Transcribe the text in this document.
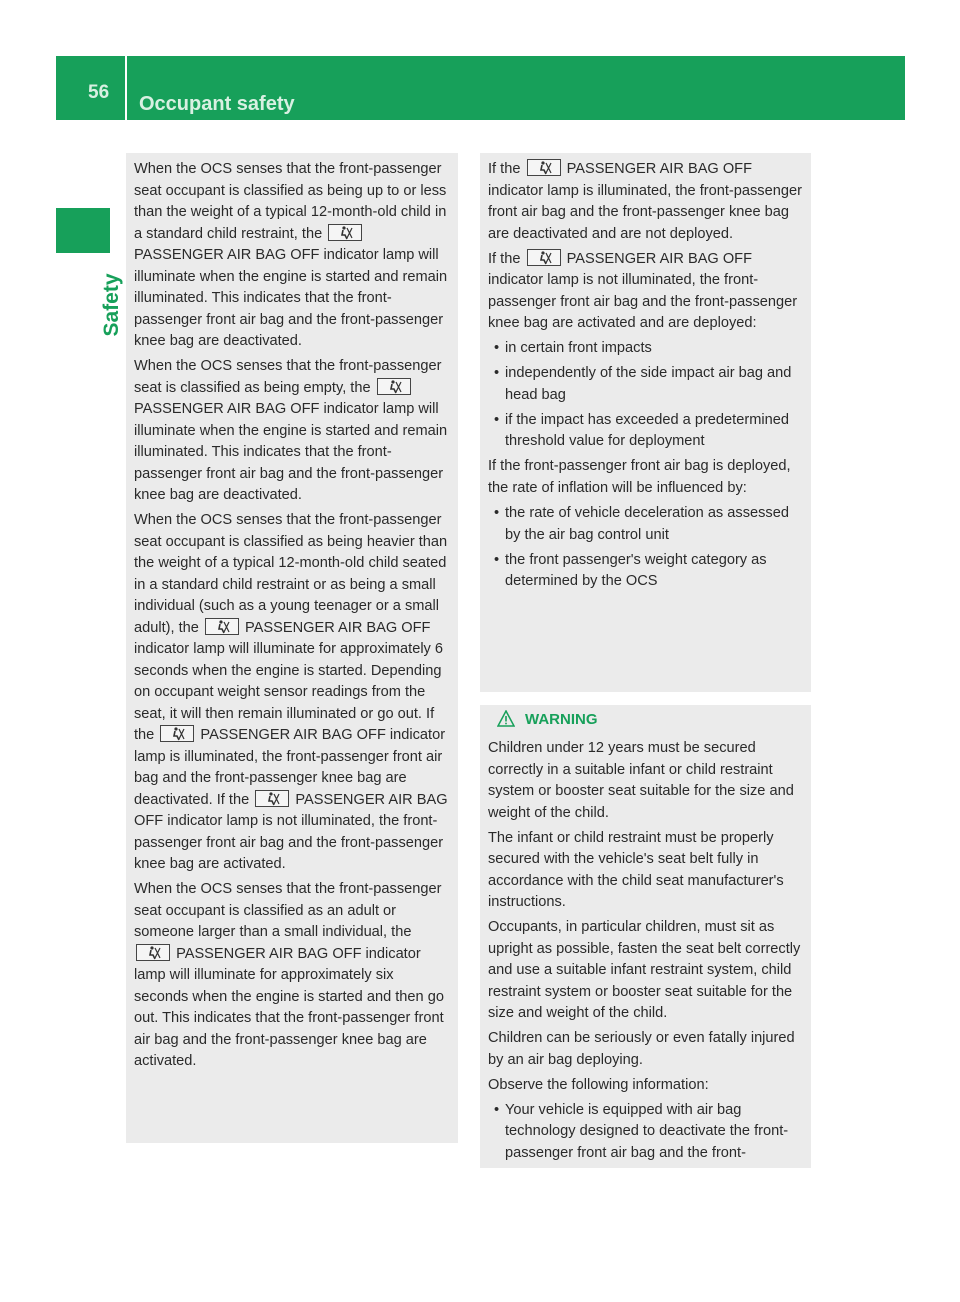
56
Occupant safety
Safety

When the OCS senses that the front-passenger seat occupant is classified as being up to or less than the weight of a typical 12-month-old child in a standard child restraint, the
PASSENGER AIR BAG OFF indicator lamp will illuminate when the engine is started and remain illuminated. This indicates that the front-passenger front air bag and the front-passenger knee bag are deactivated.

When the OCS senses that the front-passenger seat is classified as being empty, the
PASSENGER AIR BAG OFF indicator lamp will illuminate when the engine is started and remain illuminated. This indicates that the front-passenger front air bag and the front-passenger knee bag are deactivated.

When the OCS senses that the front-passenger seat occupant is classified as being heavier than the weight of a typical 12-month-old child seated in a standard child restraint or as being a small individual (such as a young teenager or a small adult), the	PASSENGER AIR BAG OFF indicator lamp will illuminate for approximately 6 seconds when the engine is started. Depending on occupant weight sensor readings from the seat, it will then remain illuminated or go out. If the	PASSENGER AIR BAG OFF indicator lamp is illuminated, the front-passenger front air bag and the front-passenger knee bag are deactivated. If the	PASSENGER AIR BAG OFF indicator lamp is not illuminated, the front-passenger front air bag and the front-passenger knee bag are activated.

When the OCS senses that the front-passenger seat occupant is classified as an adult or someone larger than a small individual, the
PASSENGER AIR BAG OFF indicator lamp will illuminate for approximately six seconds when the engine is started and then go out. This indicates that the front-passenger front air bag and the front-passenger knee bag are activated.

If the	PASSENGER AIR BAG OFF indicator lamp is illuminated, the front-passenger front air bag and the front-passenger knee bag are deactivated and are not deployed.

If the	PASSENGER AIR BAG OFF indicator lamp is not illuminated, the front-passenger front air bag and the front-passenger knee bag are activated and are deployed:

• in certain front impacts
• independently of the side impact air bag and head bag
• if the impact has exceeded a predetermined threshold value for deployment

If the front-passenger front air bag is deployed, the rate of inflation will be influenced by:

• the rate of vehicle deceleration as assessed by the air bag control unit
• the front passenger's weight category as determined by the OCS
WARNING

Children under 12 years must be secured correctly in a suitable infant or child restraint system or booster seat suitable for the size and weight of the child.

The infant or child restraint must be properly secured with the vehicle's seat belt fully in accordance with the child seat manufacturer's instructions.

Occupants, in particular children, must sit as upright as possible, fasten the seat belt correctly and use a suitable infant restraint system, child restraint system or booster seat suitable for the size and weight of the child.

Children can be seriously or even fatally injured by an air bag deploying.

Observe the following information:

• Your vehicle is equipped with air bag technology designed to deactivate the front-passenger front air bag and the front-
